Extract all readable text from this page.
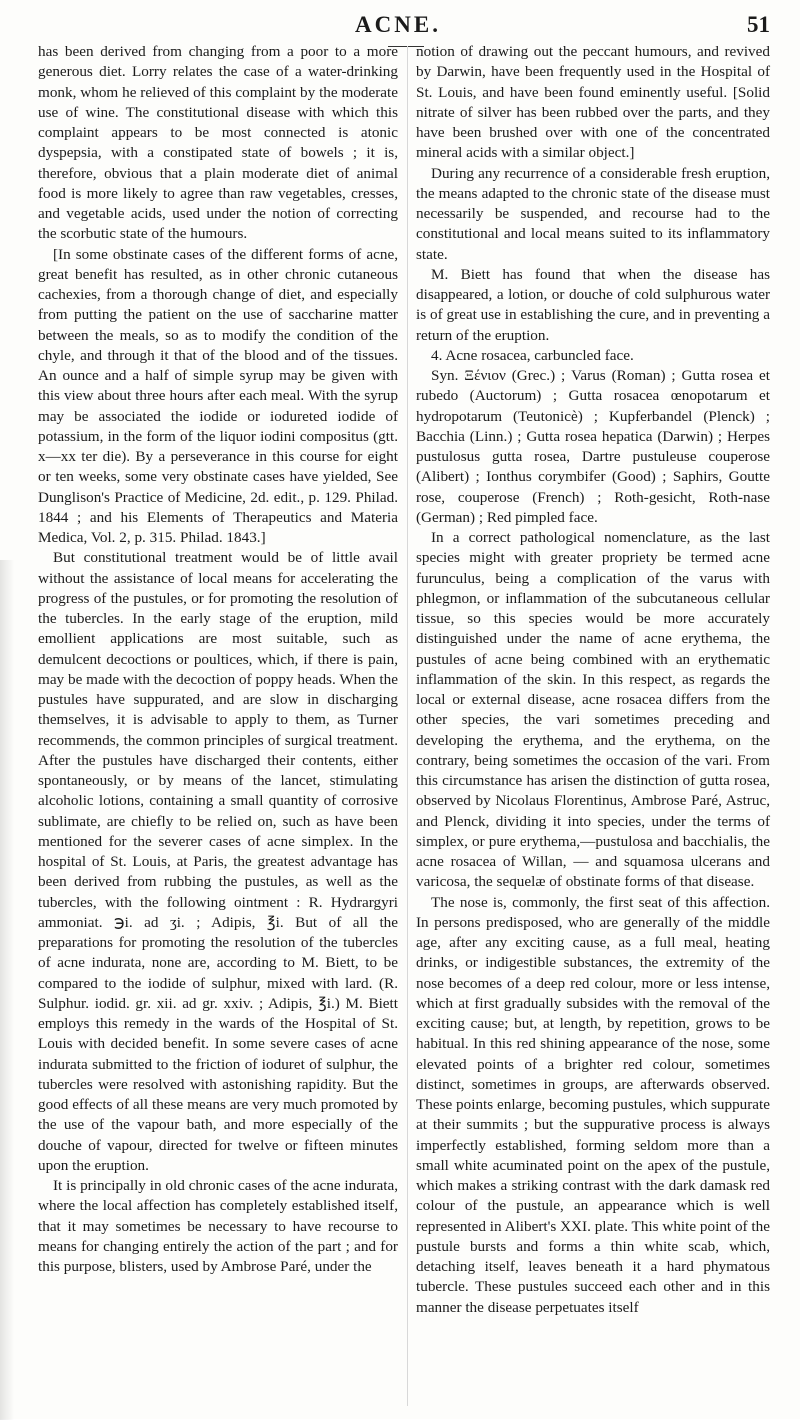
ACNE.	51

has been derived from changing from a poor to a more generous diet. Lorry relates the case of a water-drinking monk, whom he relieved of this complaint by the moderate use of wine. The constitutional disease with which this complaint appears to be most connected is atonic dyspepsia, with a constipated state of bowels ; it is, therefore, obvious that a plain moderate diet of animal food is more likely to agree than raw vegetables, cresses, and vegetable acids, used under the notion of correcting the scorbutic state of the humours.

[In some obstinate cases of the different forms of acne, great benefit has resulted, as in other chronic cutaneous cachexies, from a thorough change of diet, and especially from putting the patient on the use of saccharine matter between the meals, so as to modify the condition of the chyle, and through it that of the blood and of the tissues. An ounce and a half of simple syrup may be given with this view about three hours after each meal. With the syrup may be associated the iodide or iodureted iodide of potassium, in the form of the liquor iodini compositus (gtt. x—xx ter die). By a perseverance in this course for eight or ten weeks, some very obstinate cases have yielded, See Dunglison's Practice of Medicine, 2d. edit., p. 129. Philad. 1844 ; and his Elements of Therapeutics and Materia Medica, Vol. 2, p. 315. Philad. 1843.]

But constitutional treatment would be of little avail without the assistance of local means for accelerating the progress of the pustules, or for promoting the resolution of the tubercles. In the early stage of the eruption, mild emollient applications are most suitable, such as demulcent decoctions or poultices, which, if there is pain, may be made with the decoction of poppy heads. When the pustules have suppurated, and are slow in discharging themselves, it is advisable to apply to them, as Turner recommends, the common principles of surgical treatment. After the pustules have discharged their contents, either spontaneously, or by means of the lancet, stimulating alcoholic lotions, containing a small quantity of corrosive sublimate, are chiefly to be relied on, such as have been mentioned for the severer cases of acne simplex. In the hospital of St. Louis, at Paris, the greatest advantage has been derived from rubbing the pustules, as well as the tubercles, with the following ointment : R. Hydrargyri ammoniat. ℈i. ad ʒi. ; Adipis, ℥i. But of all the preparations for promoting the resolution of the tubercles of acne indurata, none are, according to M. Biett, to be compared to the iodide of sulphur, mixed with lard. (R. Sulphur. iodid. gr. xii. ad gr. xxiv. ; Adipis, ℥i.) M. Biett employs this remedy in the wards of the Hospital of St. Louis with decided benefit. In some severe cases of acne indurata submitted to the friction of ioduret of sulphur, the tubercles were resolved with astonishing rapidity. But the good effects of all these means are very much promoted by the use of the vapour bath, and more especially of the douche of vapour, directed for twelve or fifteen minutes upon the eruption.

It is principally in old chronic cases of the acne indurata, where the local affection has completely established itself, that it may sometimes be necessary to have recourse to means for changing entirely the action of the part ; and for this purpose, blisters, used by Ambrose Paré, under the

notion of drawing out the peccant humours, and revived by Darwin, have been frequently used in the Hospital of St. Louis, and have been found eminently useful. [Solid nitrate of silver has been rubbed over the parts, and they have been brushed over with one of the concentrated mineral acids with a similar object.]

During any recurrence of a considerable fresh eruption, the means adapted to the chronic state of the disease must necessarily be suspended, and recourse had to the constitutional and local means suited to its inflammatory state.

M. Biett has found that when the disease has disappeared, a lotion, or douche of cold sulphurous water is of great use in establishing the cure, and in preventing a return of the eruption.

4. Acne rosacea, carbuncled face.

Syn. Ξένιον (Grec.) ; Varus (Roman) ; Gutta rosea et rubedo (Auctorum) ; Gutta rosacea œnopotarum et hydropotarum (Teutonicè) ; Kupferbandel (Plenck) ; Bacchia (Linn.) ; Gutta rosea hepatica (Darwin) ; Herpes pustulosus gutta rosea, Dartre pustuleuse couperose (Alibert) ; Ionthus corymbifer (Good) ; Saphirs, Goutte rose, couperose (French) ; Roth-gesicht, Roth-nase (German) ; Red pimpled face.

In a correct pathological nomenclature, as the last species might with greater propriety be termed acne furunculus, being a complication of the varus with phlegmon, or inflammation of the subcutaneous cellular tissue, so this species would be more accurately distinguished under the name of acne erythema, the pustules of acne being combined with an erythematic inflammation of the skin. In this respect, as regards the local or external disease, acne rosacea differs from the other species, the vari sometimes preceding and developing the erythema, and the erythema, on the contrary, being sometimes the occasion of the vari. From this circumstance has arisen the distinction of gutta rosea, observed by Nicolaus Florentinus, Ambrose Paré, Astruc, and Plenck, dividing it into species, under the terms of simplex, or pure erythema,—pustulosa and bacchialis, the acne rosacea of Willan, — and squamosa ulcerans and varicosa, the sequelæ of obstinate forms of that disease.

The nose is, commonly, the first seat of this affection. In persons predisposed, who are generally of the middle age, after any exciting cause, as a full meal, heating drinks, or indigestible substances, the extremity of the nose becomes of a deep red colour, more or less intense, which at first gradually subsides with the removal of the exciting cause; but, at length, by repetition, grows to be habitual. In this red shining appearance of the nose, some elevated points of a brighter red colour, sometimes distinct, sometimes in groups, are afterwards observed. These points enlarge, becoming pustules, which suppurate at their summits ; but the suppurative process is always imperfectly established, forming seldom more than a small white acuminated point on the apex of the pustule, which makes a striking contrast with the dark damask red colour of the pustule, an appearance which is well represented in Alibert's XXI. plate. This white point of the pustule bursts and forms a thin white scab, which, detaching itself, leaves beneath it a hard phymatous tubercle. These pustules succeed each other and in this manner the disease perpetuates itself
